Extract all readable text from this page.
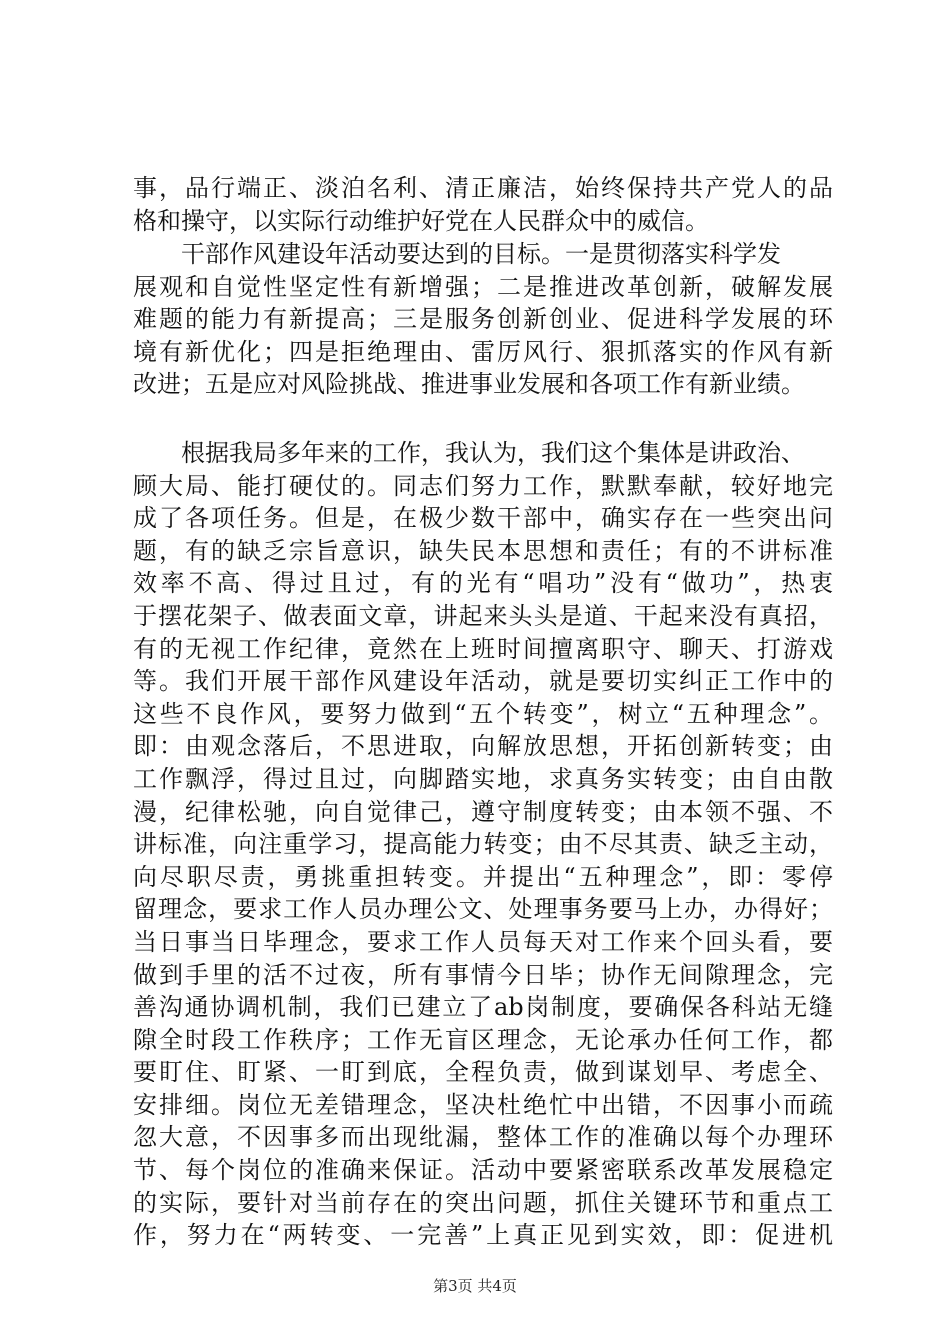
事，品行端正、淡泊名利、清正廉洁，始终保持共产党人的品
格和操守，以实际行动维护好党在人民群众中的威信。
干部作风建设年活动要达到的目标。一是贯彻落实科学发
展观和自觉性坚定性有新增强；二是推进改革创新，破解发展
难题的能力有新提高；三是服务创新创业、促进科学发展的环
境有新优化；四是拒绝理由、雷厉风行、狠抓落实的作风有新
改进；五是应对风险挑战、推进事业发展和各项工作有新业绩。
根据我局多年来的工作，我认为，我们这个集体是讲政治、
顾大局、能打硬仗的。同志们努力工作，默默奉献，较好地完
成了各项任务。但是，在极少数干部中，确实存在一些突出问
题，有的缺乏宗旨意识，缺失民本思想和责任；有的不讲标准
效率不高、得过且过，有的光有“唱功”没有“做功”，热衷
于摆花架子、做表面文章，讲起来头头是道、干起来没有真招，
有的无视工作纪律，竟然在上班时间擅离职守、聊天、打游戏
等。我们开展干部作风建设年活动，就是要切实纠正工作中的
这些不良作风，要努力做到“五个转变”，树立“五种理念”。
即：由观念落后，不思进取，向解放思想，开拓创新转变；由
工作飘浮，得过且过，向脚踏实地，求真务实转变；由自由散
漫，纪律松驰，向自觉律己，遵守制度转变；由本领不强、不
讲标准，向注重学习，提高能力转变；由不尽其责、缺乏主动，
向尽职尽责，勇挑重担转变。并提出“五种理念”，即：零停
留理念，要求工作人员办理公文、处理事务要马上办，办得好；
当日事当日毕理念，要求工作人员每天对工作来个回头看，要
做到手里的活不过夜，所有事情今日毕；协作无间隙理念，完
善沟通协调机制，我们已建立了ab岗制度，要确保各科站无缝
隙全时段工作秩序；工作无盲区理念，无论承办任何工作，都
要盯住、盯紧、一盯到底，全程负责，做到谋划早、考虑全、
安排细。岗位无差错理念，坚决杜绝忙中出错，不因事小而疏
忽大意，不因事多而出现纰漏，整体工作的准确以每个办理环
节、每个岗位的准确来保证。活动中要紧密联系改革发展稳定
的实际，要针对当前存在的突出问题，抓住关键环节和重点工
作，努力在“两转变、一完善”上真正见到实效，即：促进机
第3页 共4页
